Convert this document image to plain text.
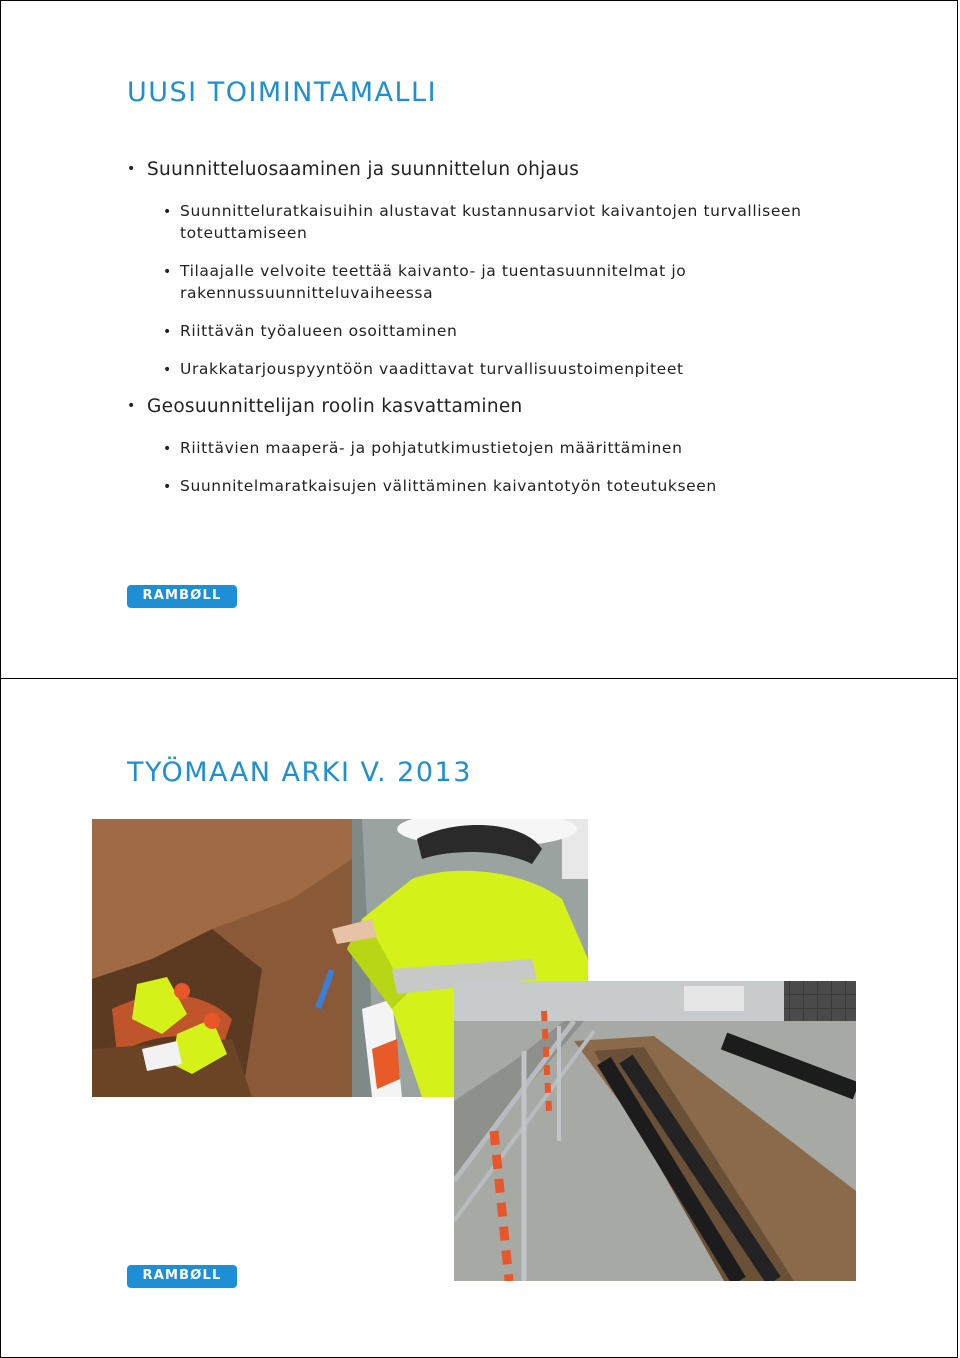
UUSI TOIMINTAMALLI
• Suunnitteluosaaminen ja suunnittelun ohjaus
• Suunnitteluratkaisuihin alustavat kustannusarviot kaivantojen turvalliseen toteuttamiseen
• Tilaajalle velvoite teettää kaivanto- ja tuentasuunnitelmat jo rakennussuunnitteluvaiheessa
• Riittävän työalueen osoittaminen
• Urakkatarjouspyyntöön vaadittavat turvallisuustoimenpiteet
• Geosuunnittelijan roolin kasvattaminen
• Riittävien maaperä- ja pohjatutkimustietojen määrittäminen
• Suunnitelmaratkaisujen välittäminen kaivantotyön toteutukseen
RAMBØLL
TYÖMAAN ARKI V. 2013
RAMBØLL
